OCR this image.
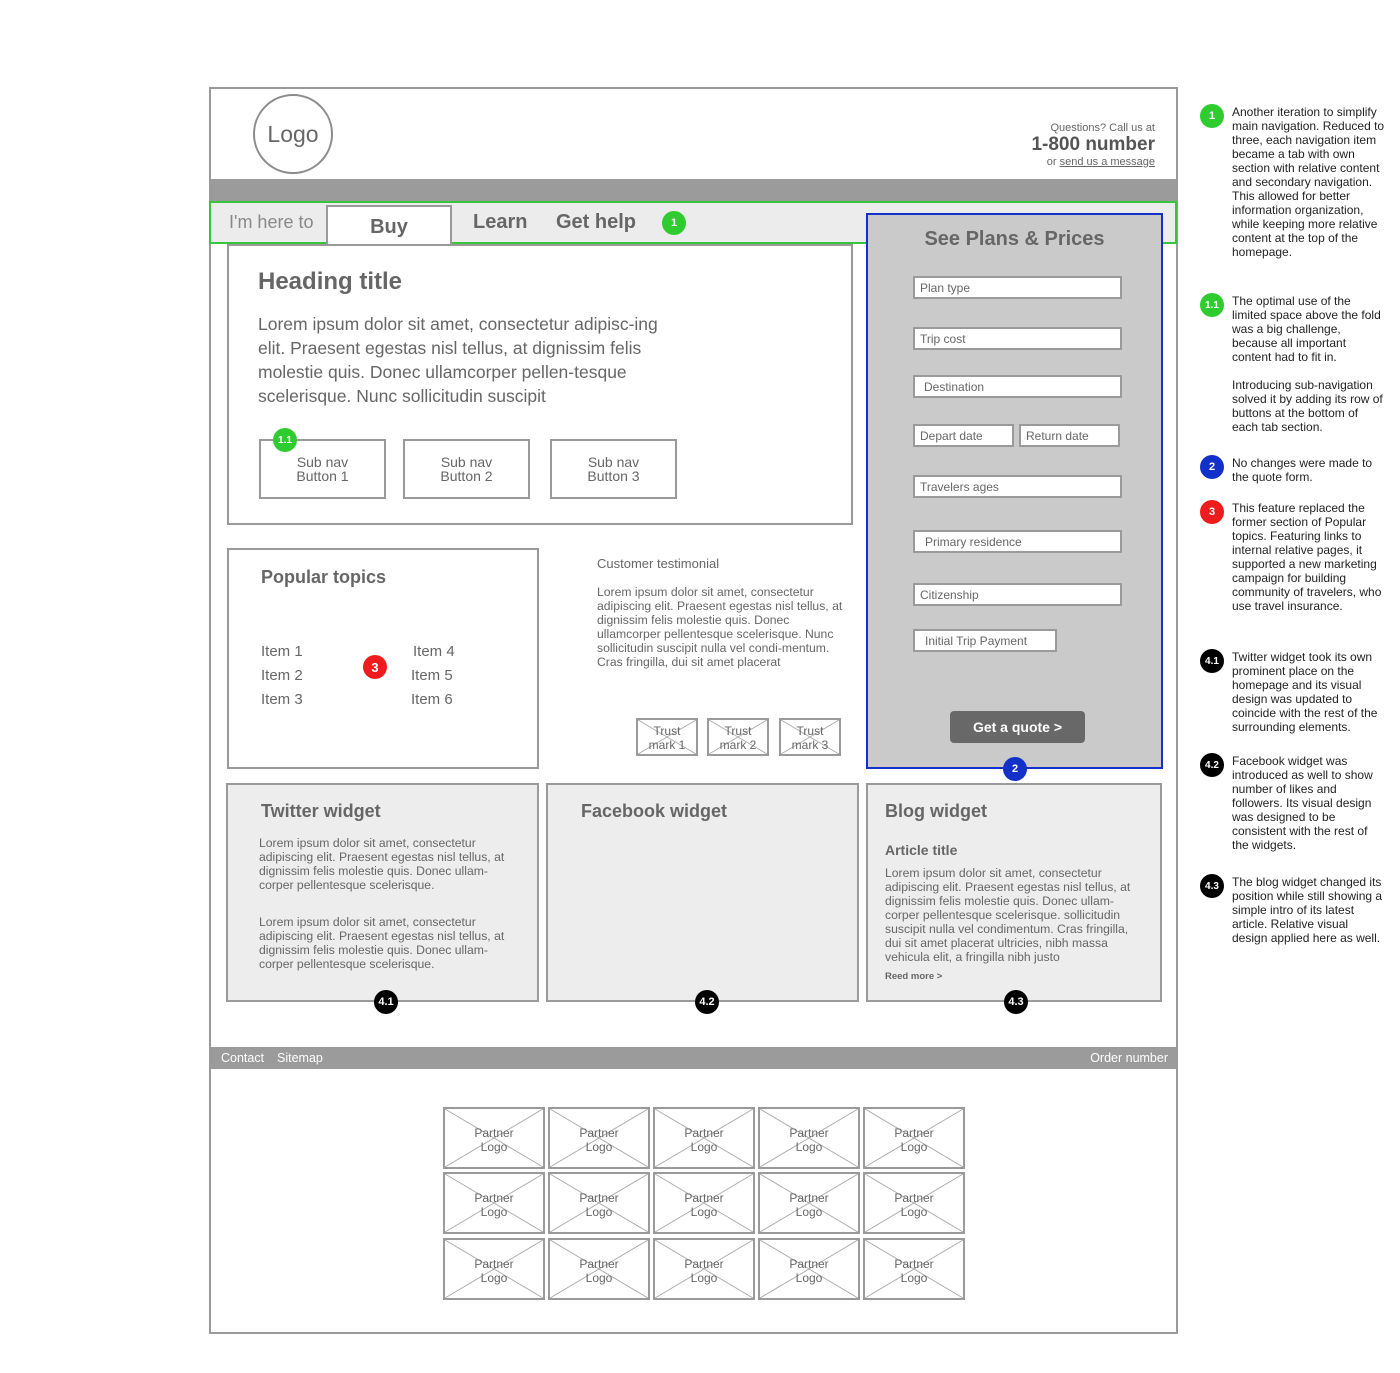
Logo	Questions? Call us at
1-800 number
or send us a message
I'm here to	Buy	Learn Get help	1
Heading title
Lorem ipsum dolor sit amet, consectetur adipisc-ing elit. Praesent egestas nisl tellus, at dignissim felis molestie quis. Donec ullamcorper pellen-tesque scelerisque. Nunc sollicitudin suscipit
Sub nav
Button 1
Sub nav
Button 2
Sub nav
Button 3
1.1
See Plans & Prices
Plan type
Trip cost
Destination
Depart date	Return date
Travelers ages
Primary residence
Citizenship
Initial Trip Payment
Get a quote >
2
Popular topics
Item 1
Item 2
Item 3
Item 4
Item 5
Item 6
3
Customer testimonial
Lorem ipsum dolor sit amet, consectetur adipiscing elit. Praesent egestas nisl tellus, at dignissim felis molestie quis. Donec ullamcorper pellentesque scelerisque. Nunc sollicitudin suscipit nulla vel condi-mentum. Cras fringilla, dui sit amet placerat
Trust
mark 1
Trust
mark 2
Trust
mark 3
Twitter widget
Lorem ipsum dolor sit amet, consectetur adipiscing elit. Praesent egestas nisl tellus, at dignissim felis molestie quis. Donec ullam-corper pellentesque scelerisque.
Lorem ipsum dolor sit amet, consectetur adipiscing elit. Praesent egestas nisl tellus, at dignissim felis molestie quis. Donec ullam-corper pellentesque scelerisque.
4.1
Facebook widget
4.2
Blog widget
Article title
Lorem ipsum dolor sit amet, consectetur adipiscing elit. Praesent egestas nisl tellus, at dignissim felis molestie quis. Donec ullam-corper pellentesque scelerisque. sollicitudin suscipit nulla vel condimentum. Cras fringilla, dui sit amet placerat ultricies, nibh massa vehicula elit, a fringilla nibh justo
Reed more >
4.3
Contact Sitemap	Order number
Partner
Logo
Partner
Logo
Partner
Logo
Partner
Logo
Partner
Logo
Partner
Logo
Partner
Logo
Partner
Logo
Partner
Logo
Partner
Logo
Partner
Logo
Partner
Logo
Partner
Logo
Partner
Logo
Partner
Logo
1	Another iteration to simplify main navigation. Reduced to three, each navigation item became a tab with own section with relative content and secondary navigation. This allowed for better information organization, while keeping more relative content at the top of the homepage.
1.1	The optimal use of the limited space above the fold was a big challenge, because all important content had to fit in.
Introducing sub-navigation solved it by adding its row of buttons at the bottom of each tab section.
2	No changes were made to the quote form.
3	This feature replaced the former section of Popular topics. Featuring links to internal relative pages, it supported a new marketing campaign for building community of travelers, who use travel insurance.
4.1	Twitter widget took its own prominent place on the homepage and its visual design was updated to coincide with the rest of the surrounding elements.
4.2	Facebook widget was introduced as well to show number of likes and followers. Its visual design was designed to be consistent with the rest of the widgets.
4.3	The blog widget changed its position while still showing a simple intro of its latest article. Relative visual design applied here as well.
